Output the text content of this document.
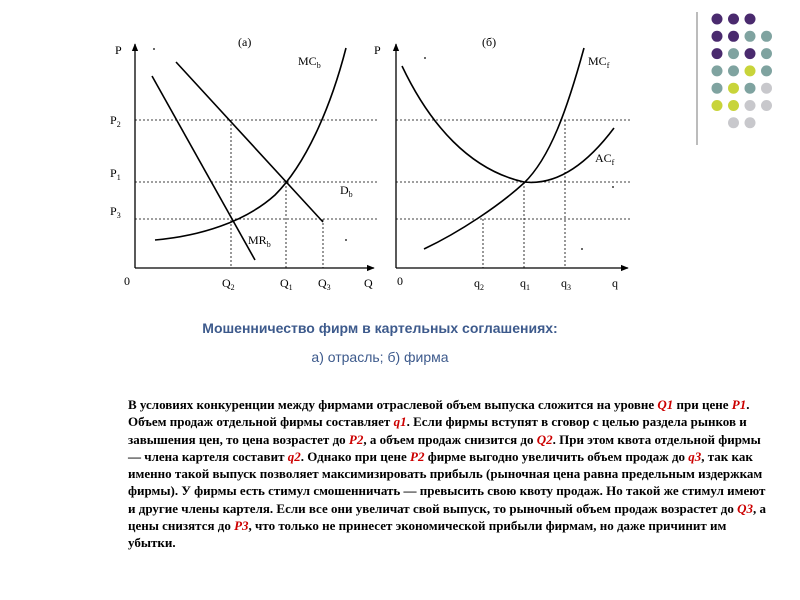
(а)
P
Q
0
$P_2$
$P_1$
$P_3$
$Q_2$	$Q_1$ $Q_3$
$MC_b$
$D_b$
$MR_b$
(б)
P
q
0	$q_2$	$q_1$	$q_3$
$MC_f$
$AC_f$
Мошенничество фирм в картельных соглашениях:
а) отрасль; б) фирма

В условиях конкуренции между фирмами отраслевой объем выпуска сложится на уровне Q1 при цене P1. Объем продаж отдельной фирмы составляет q1. Если фирмы вступят в сговор с целью раздела рынков и завышения цен, то цена возрастет до P2, а объем продаж снизится до Q2. При этом квота отдельной фирмы — члена картеля составит q2. Однако при цене P2 фирме выгодно увеличить объем продаж до q3, так как именно такой выпуск позволяет максимизировать прибыль (рыночная цена равна предельным издержкам фирмы). У фирмы есть стимул смошенничать — превысить свою квоту продаж. Но такой же стимул имеют и другие члены картеля. Если все они увеличат свой выпуск, то рыночный объем продаж возрастет до Q3, а цены снизятся до P3, что только не принесет экономической прибыли фирмам, но даже причинит им убытки.
